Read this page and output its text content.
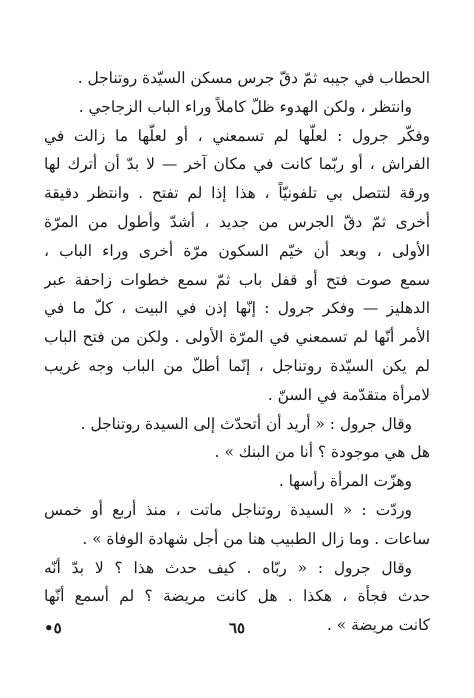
الحطاب في جيبه ثمّ دقّ جرس مسكن السيّدة روتناجل .
وانتظر ، ولكن الهدوء ظلّ كاملاً وراء الباب الزجاجي .
وفكّر جرول : لعلّها لم تسمعني ، أو لعلّها ما زالت في
الفراش ، أو ربّما كانت في مكان آخر — لا بدّ أن أترك لها
ورقة لتتصل بي تلفونيّاً ، هذا إذا لم تفتح . وانتظر دقيقة
أخرى ثمّ دقّ الجرس من جديد ، أشدّ وأطول من المرّة
الأولى ، وبعد أن خيّم السكون مرّة أخرى وراء الباب ،
سمع صوت فتح أو قفل باب ثمّ سمع خطوات زاحفة عبر
الدهليز — وفكر جرول : إنّها إذن في البيت ، كلّ ما في
الأمر أنّها لم تسمعني في المرّة الأولى . ولكن من فتح الباب
لم يكن السيّدة روتناجل ، إنّما أطلّ من الباب وجه غريب
لامرأة متقدّمة في السنّ .
وقال جرول : « أريد أن أتحدّث إلى السيدة روتناجل .
هل هي موجودة ؟ أنا من البنك » .
وهزّت المرأة رأسها .
وردّت : « السيدة روتناجل ماتت ، منذ أربع أو خمس
ساعات . وما زال الطبيب هنا من أجل شهادة الوفاة » .
وقال جرول : « ربّاه . كيف حدث هذا ؟ لا بدّ أنّه
حدث فجأة ، هكذا . هل كانت مريضة ؟ لم أسمع أنّها
كانت مريضة » .
٦٥
٥•
